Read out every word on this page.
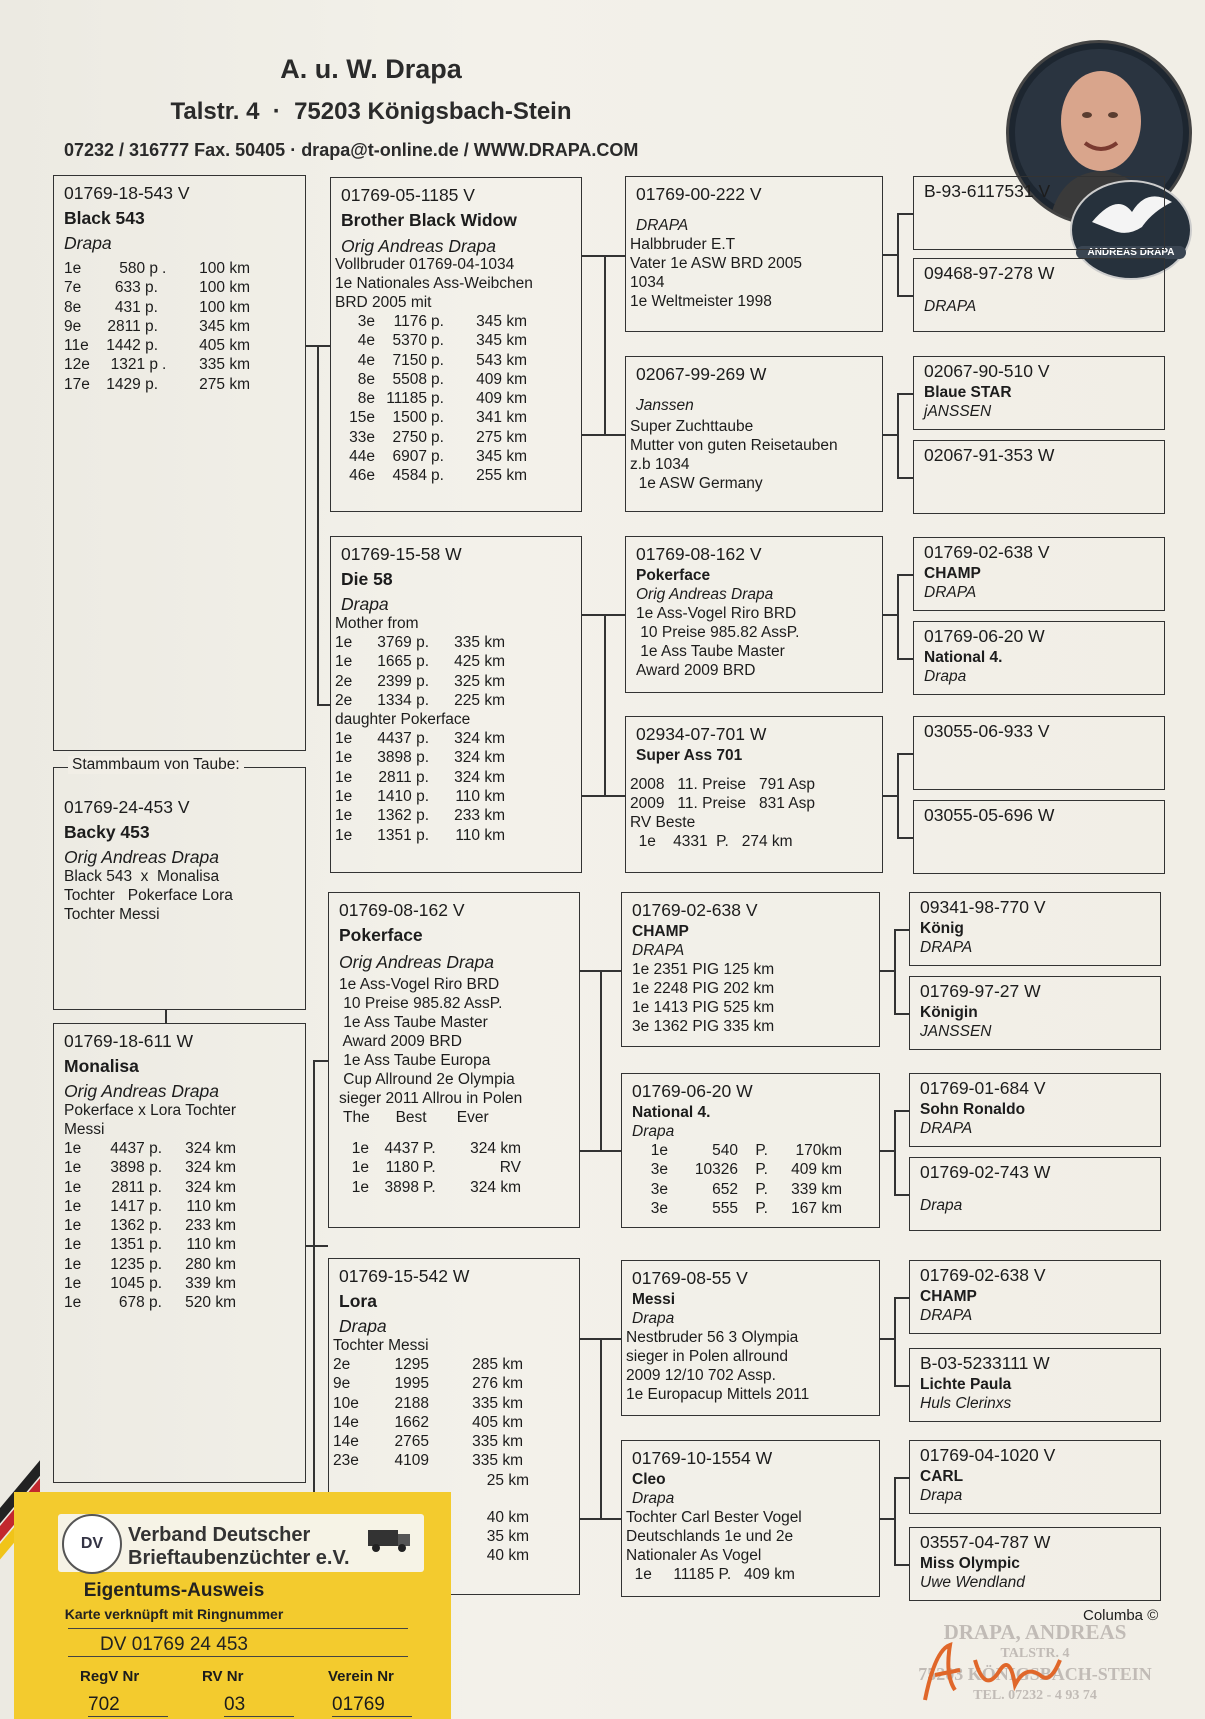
A. u. W. Drapa
Talstr. 4  ·  75203 Königsbach-Stein
07232 / 316777 Fax. 50405 · drapa@t-online.de / WWW.DRAPA.COM
ANDREAS DRAPA
01769-18-543 V
Black 543
Drapa
1e	580 p .	100 km
7e	633 p.	100 km
8e	431 p.	100 km
9e	2811 p.	345 km
11e	1442 p.	405 km
12e	1321 p .	335 km
17e	1429 p.	275 km
Stammbaum von Taube:
01769-24-453 V
Backy 453
Orig Andreas Drapa
Black 543  x  Monalisa
Tochter   Pokerface Lora
Tochter Messi
01769-18-611 W
Monalisa
Orig Andreas Drapa
Pokerface x Lora Tochter
Messi
1e	4437 p.	324 km
1e	3898 p.	324 km
1e	2811 p.	324 km
1e	1417 p.	110 km
1e	1362 p.	233 km
1e	1351 p.	110 km
1e	1235 p.	280 km
1e	1045 p.	339 km
1e	678 p.	520 km
01769-05-1185 V
Brother Black Widow
Orig Andreas Drapa
Vollbruder 01769-04-1034
1e Nationales Ass-Weibchen
BRD 2005 mit
3e	1176 p.	345 km
4e	5370 p.	345 km
4e	7150 p.	543 km
8e	5508 p.	409 km
8e 11185 p.	409 km
15e	1500 p.	341 km
33e	2750 p.	275 km
44e	6907 p.	345 km
46e	4584 p.	255 km
01769-15-58 W
Die 58
Drapa
Mother from
1e	3769 p.	335 km
1e	1665 p.	425 km
2e	2399 p.	325 km
2e	1334 p.	225 km
daughter Pokerface
1e	4437 p.	324 km
1e	3898 p.	324 km
1e	2811 p.	324 km
1e	1410 p.	110 km
1e	1362 p.	233 km
1e	1351 p.	110 km
01769-08-162 V
Pokerface
Orig Andreas Drapa
1e Ass-Vogel Riro BRD
10 Preise 985.82 AssP.
1e Ass Taube Master
Award 2009 BRD
1e Ass Taube Europa
Cup Allround 2e Olympia
sieger 2011 Allrou in Polen
The      Best       Ever
1e	4437 P.	324 km
1e	1180 P.	RV
1e	3898 P.	324 km
01769-15-542 W
Lora
Drapa
Tochter Messi
2e	1295	285 km
9e	1995	276 km
10e	2188	335 km
14e	1662	405 km
14e	2765	335 km
23e	4109	335 km
25 km
40 km
35 km
40 km
01769-00-222 V
DRAPA
Halbbruder E.T
Vater 1e ASW BRD 2005
1034
1e Weltmeister 1998
02067-99-269 W
Janssen
Super Zuchttaube
Mutter von guten Reisetauben
z.b 1034
1e ASW Germany
01769-08-162 V
Pokerface
Orig Andreas Drapa
1e Ass-Vogel Riro BRD
10 Preise 985.82 AssP.
1e Ass Taube Master
Award 2009 BRD
02934-07-701 W
Super Ass 701
2008   11. Preise   791 Asp
2009   11. Preise   831 Asp
RV Beste
1e    4331  P.   274 km
01769-02-638 V
CHAMP
DRAPA
1e 2351 PIG 125 km
1e 2248 PIG 202 km
1e 1413 PIG 525 km
3e 1362 PIG 335 km
01769-06-20 W
National 4.
Drapa
1e	540	P.	170km
3e	10326	P.	409 km
3e	652	P.	339 km
3e	555	P.	167 km
01769-08-55 V
Messi
Drapa
Nestbruder 56 3 Olympia
sieger in Polen allround
2009 12/10 702 Assp.
1e Europacup Mittels 2011
01769-10-1554 W
Cleo
Drapa
Tochter Carl Bester Vogel
Deutschlands 1e und 2e
Nationaler As Vogel
1e     11185 P.   409 km
B-93-6117531 V
09468-97-278 W
DRAPA
02067-90-510 V
Blaue STAR
jANSSEN
02067-91-353 W
01769-02-638 V
CHAMP
DRAPA
01769-06-20 W
National 4.
Drapa
03055-06-933 V
03055-05-696 W
09341-98-770 V
König
DRAPA
01769-97-27 W
Königin
JANSSEN
01769-01-684 V
Sohn Ronaldo
DRAPA
01769-02-743 W
Drapa
01769-02-638 V
CHAMP
DRAPA
B-03-5233111 W
Lichte Paula
Huls Clerinxs
01769-04-1020 V
CARL
Drapa
03557-04-787 W
Miss Olympic
Uwe Wendland
Columba ©
DRAPA, ANDREAS
TALSTR. 4
75203 KÖNIGSBACH-STEIN
TEL. 07232 - 4 93 74
DV Verband Deutscher
Brieftaubenzüchter e.V.
Eigentums-Ausweis
Karte verknüpft mit Ringnummer
DV 01769 24 453
RegV Nr	RV Nr	Verein Nr
702	03	01769
